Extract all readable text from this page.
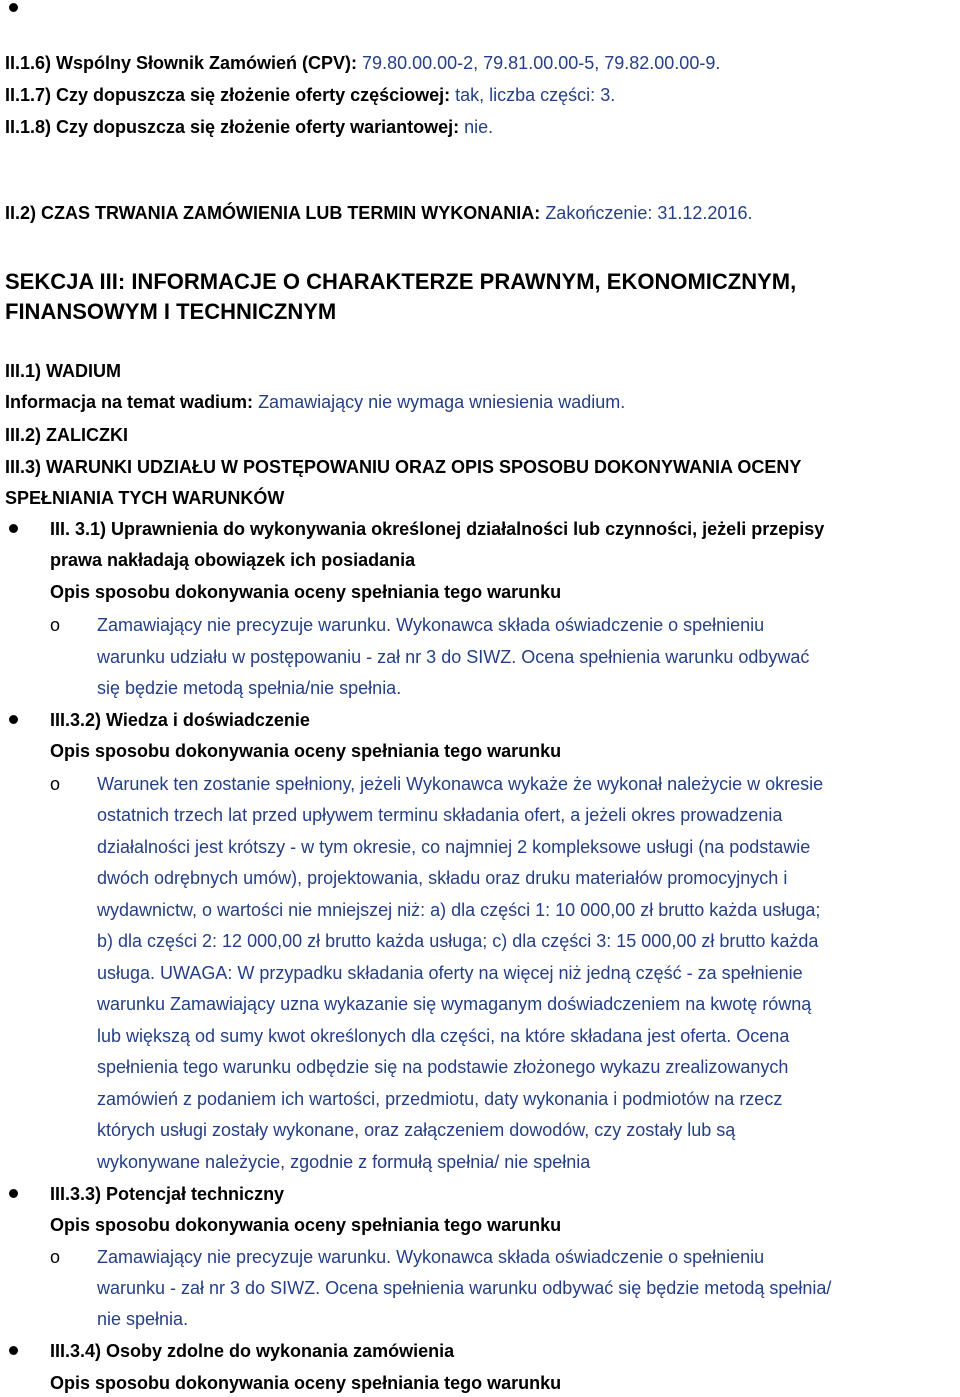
II.1.6) Wspólny Słownik Zamówień (CPV): 79.80.00.00-2, 79.81.00.00-5, 79.82.00.00-9.
II.1.7) Czy dopuszcza się złożenie oferty częściowej: tak, liczba części: 3.
II.1.8) Czy dopuszcza się złożenie oferty wariantowej: nie.
II.2) CZAS TRWANIA ZAMÓWIENIA LUB TERMIN WYKONANIA: Zakończenie: 31.12.2016.
SEKCJA III: INFORMACJE O CHARAKTERZE PRAWNYM, EKONOMICZNYM,
FINANSOWYM I TECHNICZNYM
III.1) WADIUM
Informacja na temat wadium: Zamawiający nie wymaga wniesienia wadium.
III.2) ZALICZKI
III.3) WARUNKI UDZIAŁU W POSTĘPOWANIU ORAZ OPIS SPOSOBU DOKONYWANIA OCENY
SPEŁNIANIA TYCH WARUNKÓW
III. 3.1) Uprawnienia do wykonywania określonej działalności lub czynności, jeżeli przepisy
prawa nakładają obowiązek ich posiadania
Opis sposobu dokonywania oceny spełniania tego warunku
o Zamawiający nie precyzuje warunku. Wykonawca składa oświadczenie o spełnieniu
warunku udziału w postępowaniu - zał nr 3 do SIWZ. Ocena spełnienia warunku odbywać
się będzie metodą spełnia/nie spełnia.
III.3.2) Wiedza i doświadczenie
Opis sposobu dokonywania oceny spełniania tego warunku
o Warunek ten zostanie spełniony, jeżeli Wykonawca wykaże że wykonał należycie w okresie
ostatnich trzech lat przed upływem terminu składania ofert, a jeżeli okres prowadzenia
działalności jest krótszy - w tym okresie, co najmniej 2 kompleksowe usługi (na podstawie
dwóch odrębnych umów), projektowania, składu oraz druku materiałów promocyjnych i
wydawnictw, o wartości nie mniejszej niż: a) dla części 1: 10 000,00 zł brutto każda usługa;
b) dla części 2: 12 000,00 zł brutto każda usługa; c) dla części 3: 15 000,00 zł brutto każda
usługa. UWAGA: W przypadku składania oferty na więcej niż jedną część - za spełnienie
warunku Zamawiający uzna wykazanie się wymaganym doświadczeniem na kwotę równą
lub większą od sumy kwot określonych dla części, na które składana jest oferta. Ocena
spełnienia tego warunku odbędzie się na podstawie złożonego wykazu zrealizowanych
zamówień z podaniem ich wartości, przedmiotu, daty wykonania i podmiotów na rzecz
których usługi zostały wykonane, oraz załączeniem dowodów, czy zostały lub są
wykonywane należycie, zgodnie z formułą spełnia/ nie spełnia
III.3.3) Potencjał techniczny
Opis sposobu dokonywania oceny spełniania tego warunku
o Zamawiający nie precyzuje warunku. Wykonawca składa oświadczenie o spełnieniu
warunku - zał nr 3 do SIWZ. Ocena spełnienia warunku odbywać się będzie metodą spełnia/
nie spełnia.
III.3.4) Osoby zdolne do wykonania zamówienia
Opis sposobu dokonywania oceny spełniania tego warunku
